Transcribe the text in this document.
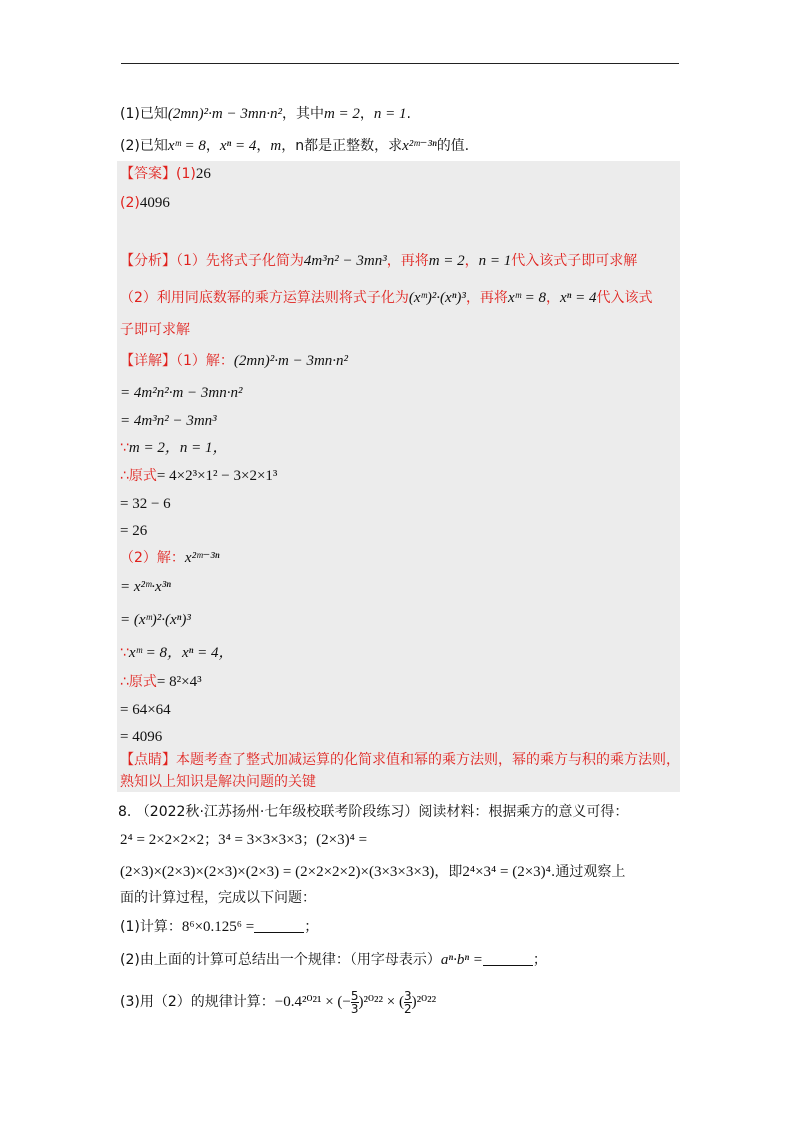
(1)已知(2mn)²·m − 3mn·n²，其中m = 2，n = 1.
(2)已知xᵐ = 8，xⁿ = 4，m，n都是正整数，求x²ᵐ⁻³ⁿ的值.
【答案】(1)26
(2)4096
【分析】（1）先将式子化简为4m³n² − 3mn³，再将m = 2，n = 1代入该式子即可求解
（2）利用同底数幂的乘方运算法则将式子化为(xᵐ)²·(xⁿ)³，再将xᵐ = 8，xⁿ = 4代入该式
子即可求解
【详解】（1）解：(2mn)²·m − 3mn·n²
= 4m²n²·m − 3mn·n²
= 4m³n² − 3mn³
∵m = 2，n = 1，
∴原式= 4×2³×1² − 3×2×1³
= 32 − 6
= 26
（2）解：x²ᵐ⁻³ⁿ
= x²ᵐ·x³ⁿ
= (xᵐ)²·(xⁿ)³
∵xᵐ = 8，xⁿ = 4，
∴原式= 8²×4³
= 64×64
= 4096
【点睛】本题考查了整式加减运算的化简求值和幂的乘方法则，幂的乘方与积的乘方法则，
熟知以上知识是解决问题的关键
8. （2022秋·江苏扬州·七年级校联考阶段练习）阅读材料：根据乘方的意义可得：
2⁴ = 2×2×2×2；3⁴ = 3×3×3×3；(2×3)⁴ =
(2×3)×(2×3)×(2×3)×(2×3) = (2×2×2×2)×(3×3×3×3)，即2⁴×3⁴ = (2×3)⁴.通过观察上
面的计算过程，完成以下问题：
(1)计算：8⁶×0.125⁶ =	；
(2)由上面的计算可总结出一个规律：（用字母表示）aⁿ·bⁿ =	；
(3)用（2）的规律计算：−0.4²⁰²¹ × (− $\frac{5}{3} )^{2022}$ × ( $\frac{3}{2} )^{2022}$
